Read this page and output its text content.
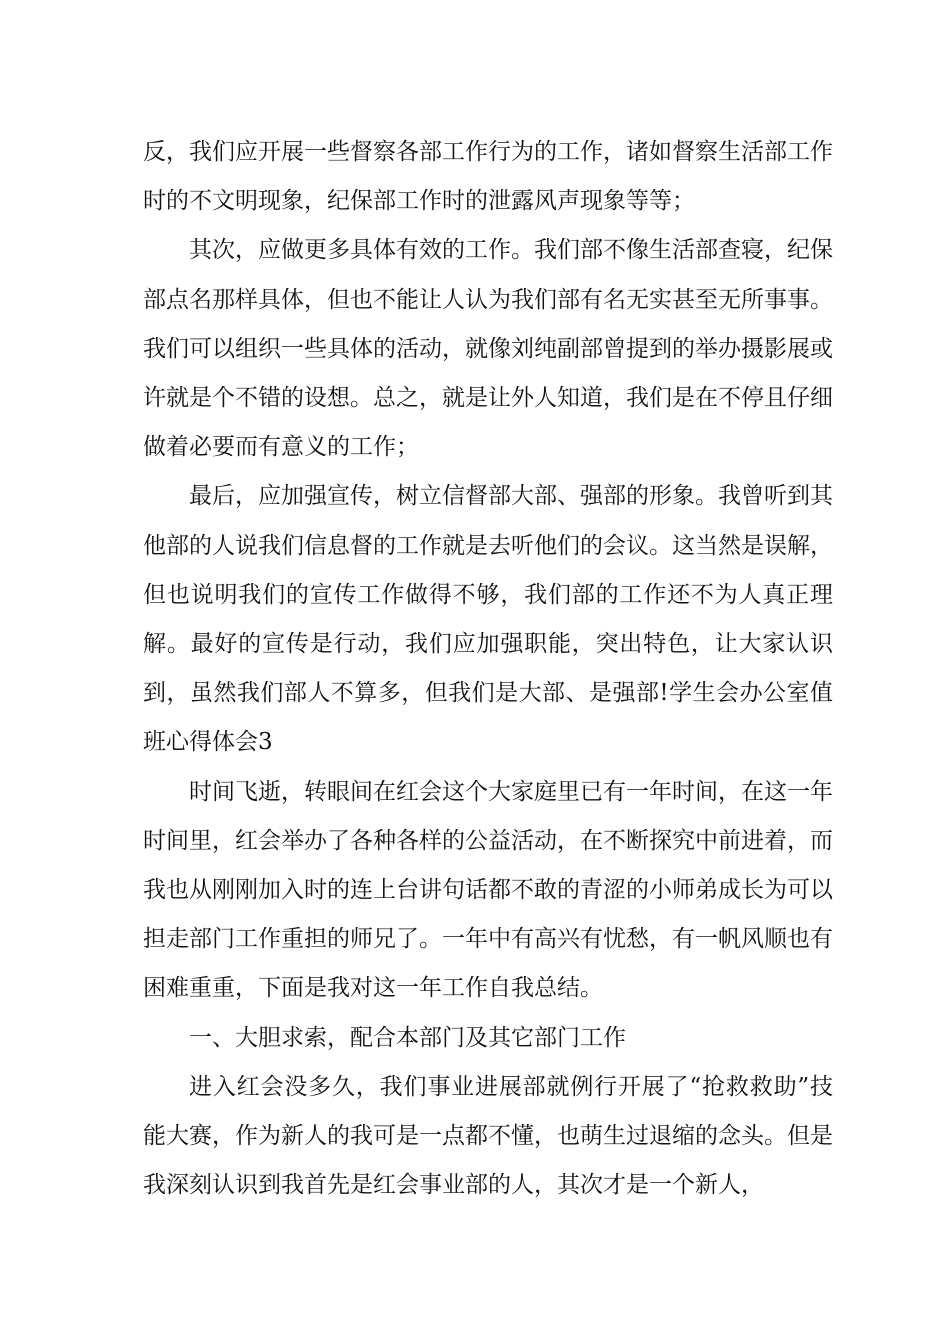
反，我们应开展一些督察各部工作行为的工作，诸如督察生活部工作时的不文明现象，纪保部工作时的泄露风声现象等等；

其次，应做更多具体有效的工作。我们部不像生活部查寝，纪保部点名那样具体，但也不能让人认为我们部有名无实甚至无所事事。我们可以组织一些具体的活动，就像刘纯副部曾提到的举办摄影展或许就是个不错的设想。总之，就是让外人知道，我们是在不停且仔细做着必要而有意义的工作；

最后，应加强宣传，树立信督部大部、强部的形象。我曾听到其他部的人说我们信息督的工作就是去听他们的会议。这当然是误解，但也说明我们的宣传工作做得不够，我们部的工作还不为人真正理解。最好的宣传是行动，我们应加强职能，突出特色，让大家认识到，虽然我们部人不算多，但我们是大部、是强部!学生会办公室值班心得体会3

时间飞逝，转眼间在红会这个大家庭里已有一年时间，在这一年时间里，红会举办了各种各样的公益活动，在不断探究中前进着，而我也从刚刚加入时的连上台讲句话都不敢的青涩的小师弟成长为可以担走部门工作重担的师兄了。一年中有高兴有忧愁，有一帆风顺也有困难重重，下面是我对这一年工作自我总结。

一、大胆求索，配合本部门及其它部门工作

进入红会没多久，我们事业进展部就例行开展了“抢救救助”技能大赛，作为新人的我可是一点都不懂，也萌生过退缩的念头。但是我深刻认识到我首先是红会事业部的人，其次才是一个新人，
